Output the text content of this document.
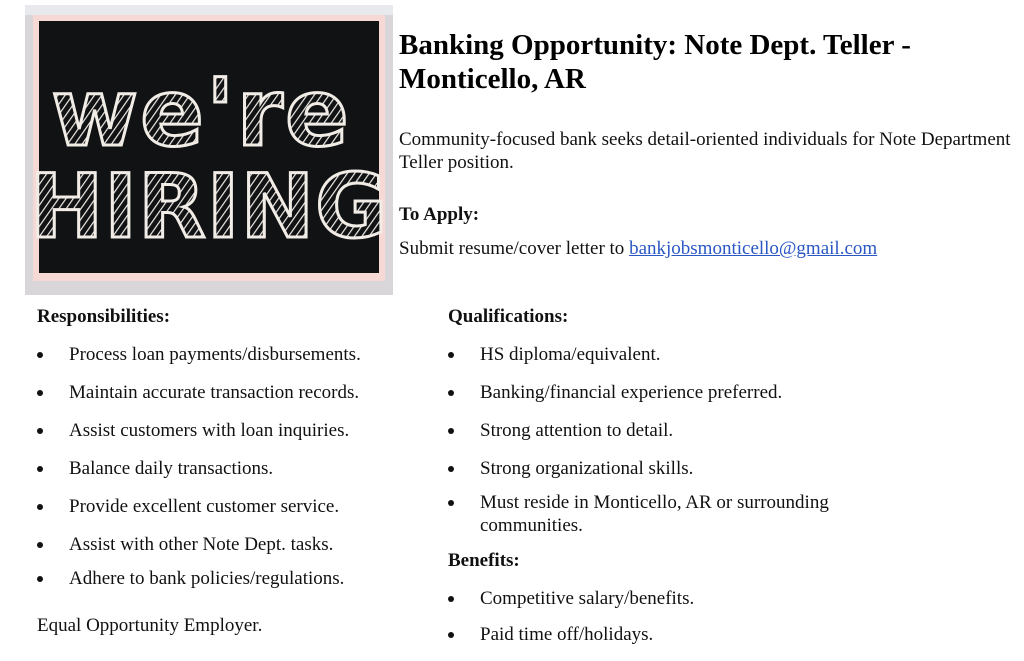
we're
HIRING
Banking Opportunity: Note Dept. Teller - Monticello, AR

Community-focused bank seeks detail-oriented individuals for Note Department Teller position.

To Apply:

Submit resume/cover letter to bankjobsmonticello@gmail.com

Responsibilities:

Process loan payments/disbursements.
Maintain accurate transaction records.
Assist customers with loan inquiries.
Balance daily transactions.
Provide excellent customer service.
Assist with other Note Dept. tasks.
Adhere to bank policies/regulations.

Equal Opportunity Employer.

Qualifications:

HS diploma/equivalent.
Banking/financial experience preferred.
Strong attention to detail.
Strong organizational skills.
Must reside in Monticello, AR or surrounding communities.

Benefits:

Competitive salary/benefits.
Paid time off/holidays.
